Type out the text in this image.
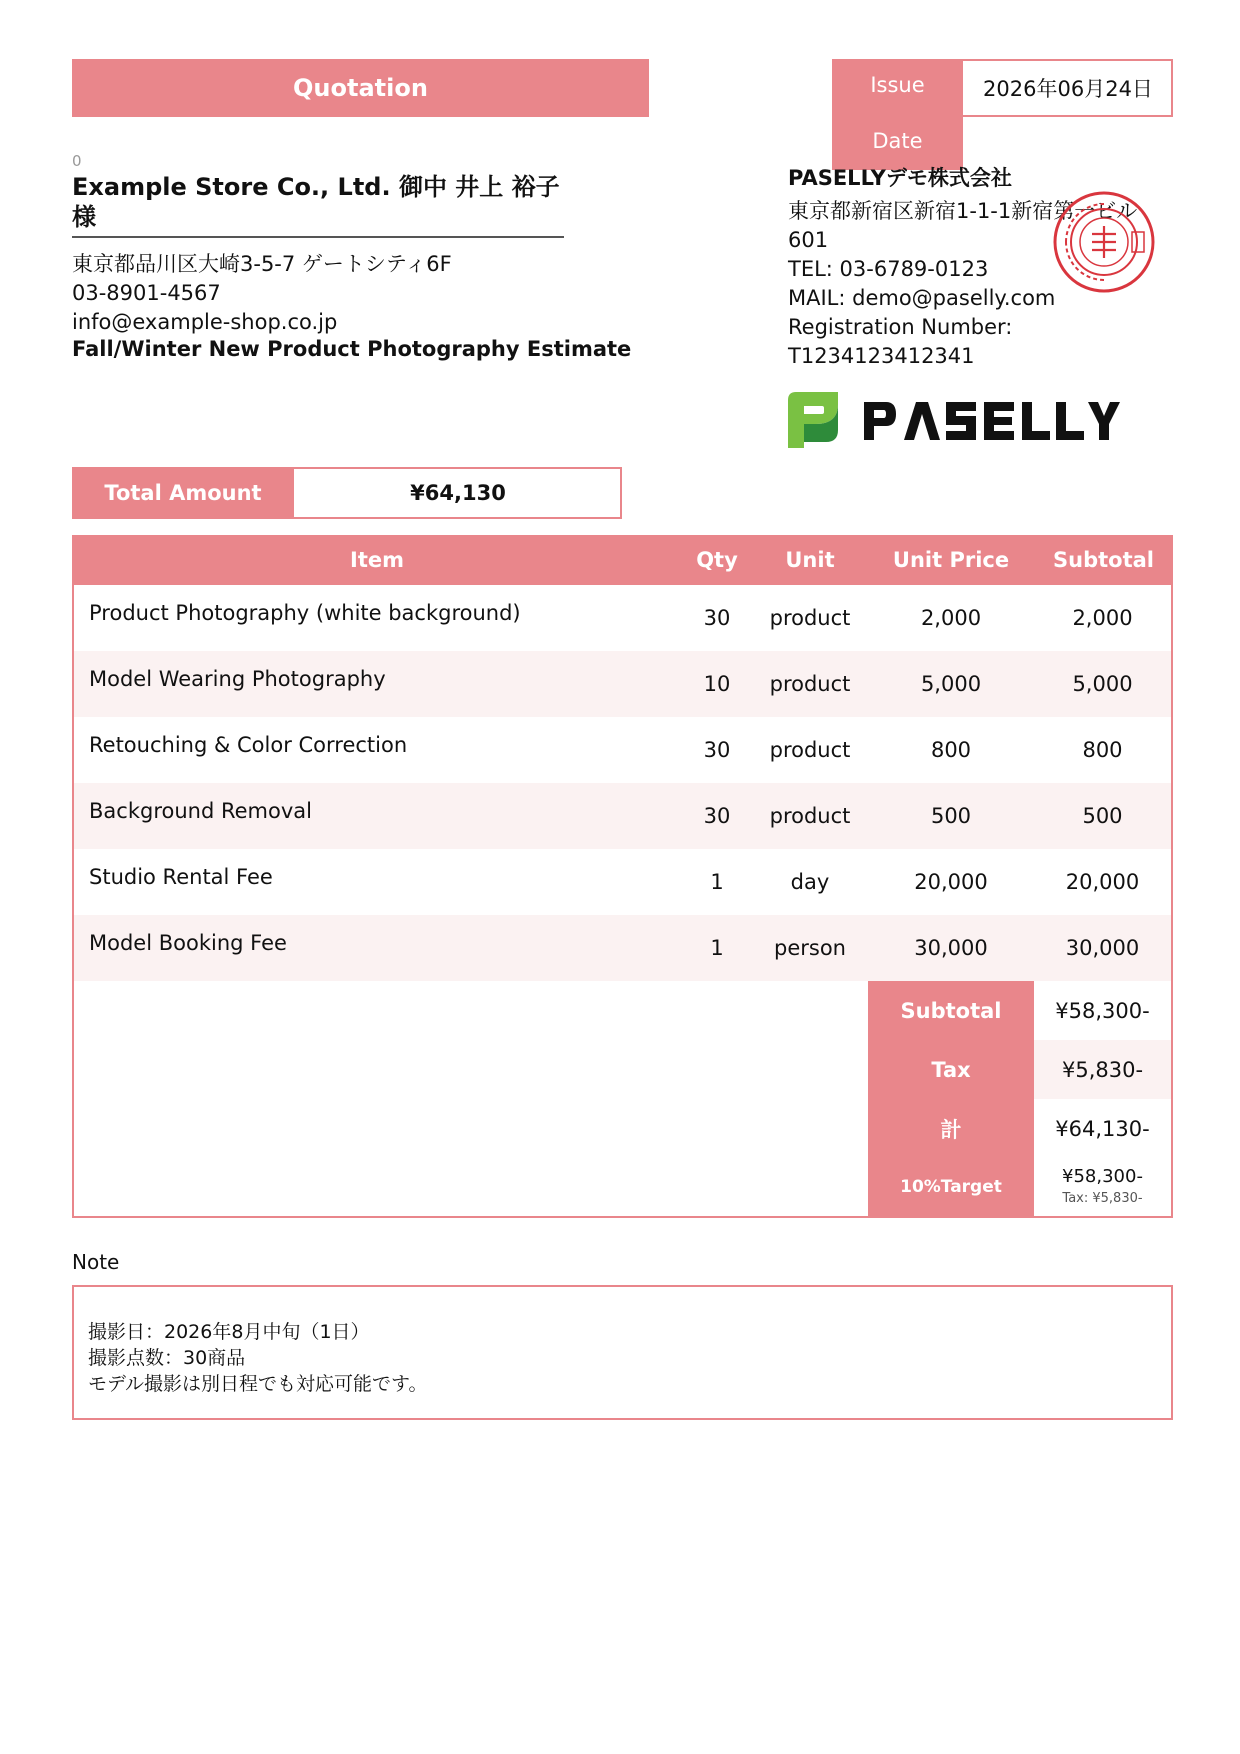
Quotation	Issue
Date
2026年06月24日
0
Example Store Co., Ltd. 御中 井上 裕子 様
東京都品川区大崎3-5-7 ゲートシティ6F
03-8901-4567
info@example-shop.co.jp
Fall/Winter New Product Photography Estimate
PASELLYデモ株式会社
東京都新宿区新宿1-1-1新宿第一ビル601
TEL: 03-6789-0123
MAIL: demo@paselly.com
Registration Number:
T1234123412341
Total Amount	¥64,130
Item	Qty	Unit	Unit Price	Subtotal
Product Photography (white background)	30	product	2,000	2,000
Model Wearing Photography	10	product	5,000	5,000
Retouching & Color Correction	30	product	800	800
Background Removal	30	product	500	500
Studio Rental Fee	1	day	20,000	20,000
Model Booking Fee	1	person	30,000	30,000
Subtotal	¥58,300-
Tax	¥5,830-
計	¥64,130-
10%Target	¥58,300-
Tax: ¥5,830-
Note
撮影日：2026年8月中旬（1日）
撮影点数：30商品
モデル撮影は別日程でも対応可能です。
